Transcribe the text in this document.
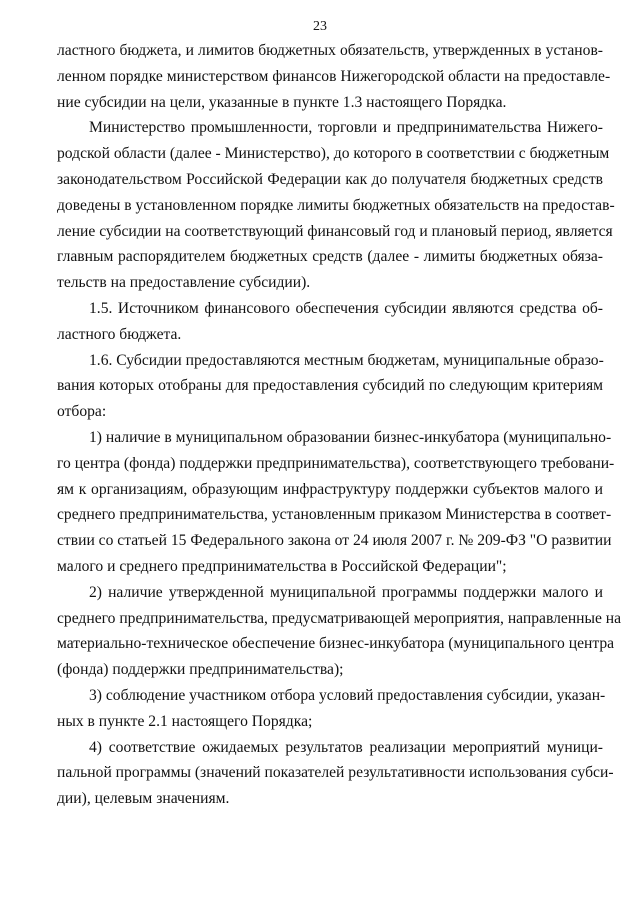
23
ластного бюджета, и лимитов бюджетных обязательств, утвержденных в установ-
ленном порядке министерством финансов Нижегородской области на предоставле-
ние субсидии на цели, указанные в пункте 1.3 настоящего Порядка.
Министерство промышленности, торговли и предпринимательства Нижего-
родской области (далее - Министерство), до которого в соответствии с бюджетным
законодательством Российской Федерации как до получателя бюджетных средств
доведены в установленном порядке лимиты бюджетных обязательств на предостав-
ление субсидии на соответствующий финансовый год и плановый период, является
главным распорядителем бюджетных средств (далее - лимиты бюджетных обяза-
тельств на предоставление субсидии).
1.5. Источником финансового обеспечения субсидии являются средства об-
ластного бюджета.
1.6. Субсидии предоставляются местным бюджетам, муниципальные образо-
вания которых отобраны для предоставления субсидий по следующим критериям
отбора:
1) наличие в муниципальном образовании бизнес-инкубатора (муниципально-
го центра (фонда) поддержки предпринимательства), соответствующего требовани-
ям к организациям, образующим инфраструктуру поддержки субъектов малого и
среднего предпринимательства, установленным приказом Министерства в соответ-
ствии со статьей 15 Федерального закона от 24 июля 2007 г. № 209-ФЗ "О развитии
малого и среднего предпринимательства в Российской Федерации";
2) наличие утвержденной муниципальной программы поддержки малого и
среднего предпринимательства, предусматривающей мероприятия, направленные на
материально-техническое обеспечение бизнес-инкубатора (муниципального центра
(фонда) поддержки предпринимательства);
3) соблюдение участником отбора условий предоставления субсидии, указан-
ных в пункте 2.1 настоящего Порядка;
4) соответствие ожидаемых результатов реализации мероприятий муници-
пальной программы (значений показателей результативности использования субси-
дии), целевым значениям.
